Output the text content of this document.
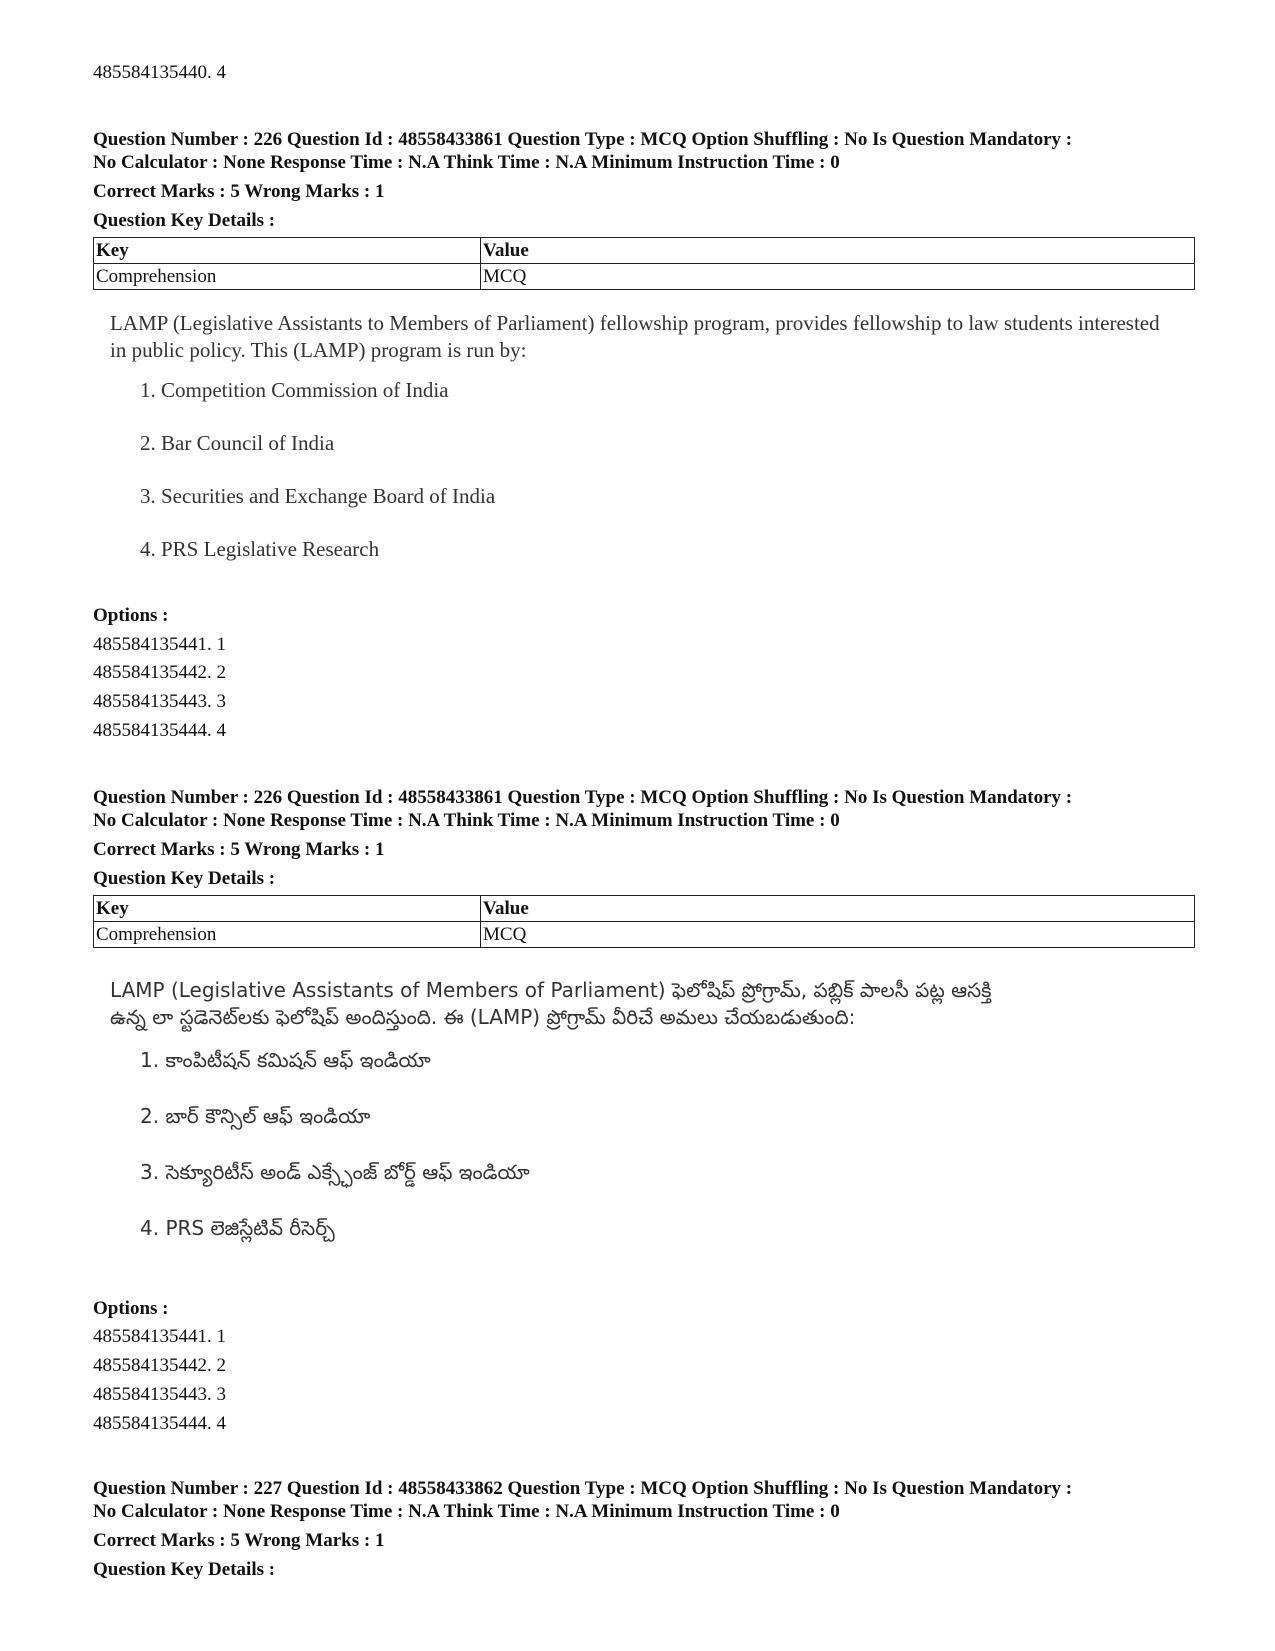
485584135440. 4
Question Number : 226 Question Id : 48558433861 Question Type : MCQ Option Shuffling : No Is Question Mandatory :
No Calculator : None Response Time : N.A Think Time : N.A Minimum Instruction Time : 0
Correct Marks : 5 Wrong Marks : 1
Question Key Details :
Key	Value
Comprehension	MCQ
LAMP (Legislative Assistants to Members of Parliament) fellowship program, provides fellowship to law students interested in public policy. This (LAMP) program is run by:
1. Competition Commission of India
2. Bar Council of India
3. Securities and Exchange Board of India
4. PRS Legislative Research
Options :
485584135441. 1
485584135442. 2
485584135443. 3
485584135444. 4
Question Number : 226 Question Id : 48558433861 Question Type : MCQ Option Shuffling : No Is Question Mandatory :
No Calculator : None Response Time : N.A Think Time : N.A Minimum Instruction Time : 0
Correct Marks : 5 Wrong Marks : 1
Question Key Details :
Key	Value
Comprehension	MCQ
LAMP (Legislative Assistants of Members of Parliament) ఫెలోషిప్ ప్రోగ్రామ్, పబ్లిక్ పాలసీ పట్ల ఆసక్తి
ఉన్న లా స్టడెనెట్‌లకు ఫెలోషిప్ అందిస్తుంది. ఈ (LAMP) ప్రోగ్రామ్ వీరిచే అమలు చేయబడుతుంది:
1. కాంపిటీషన్ కమిషన్ ఆఫ్ ఇండియా
2. బార్ కౌన్సిల్ ఆఫ్ ఇండియా
3. సెక్యూరిటీస్ అండ్ ఎక్స్ఛేంజ్ బోర్డ్ ఆఫ్ ఇండియా
4. PRS లెజిస్లేటివ్ రీసెర్చ్
Options :
485584135441. 1
485584135442. 2
485584135443. 3
485584135444. 4
Question Number : 227 Question Id : 48558433862 Question Type : MCQ Option Shuffling : No Is Question Mandatory :
No Calculator : None Response Time : N.A Think Time : N.A Minimum Instruction Time : 0
Correct Marks : 5 Wrong Marks : 1
Question Key Details :
